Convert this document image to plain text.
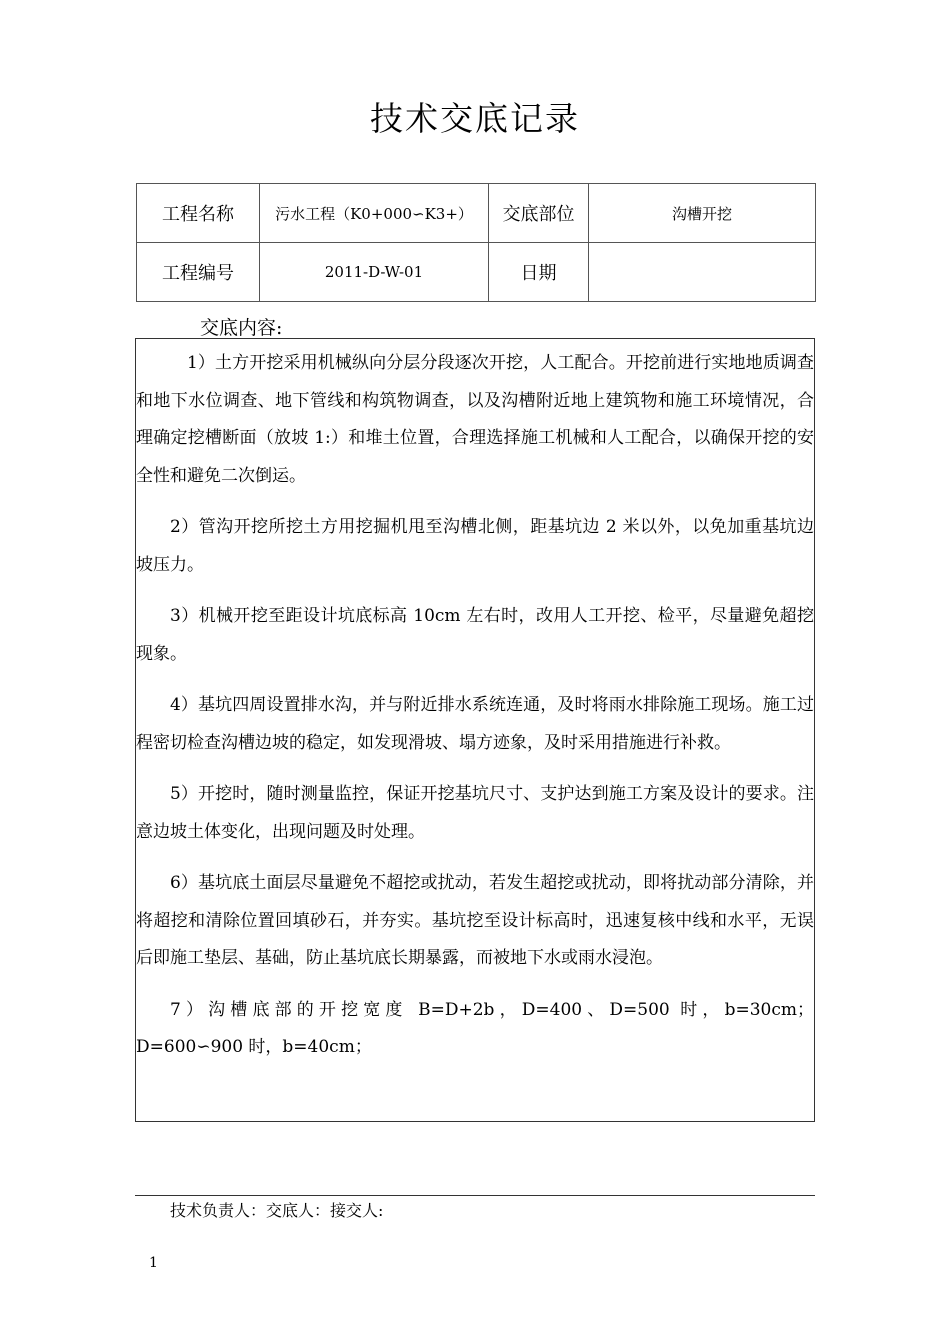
技术交底记录
工程名称	污水工程（K0+000∽K3+）	交底部位	沟槽开挖
工程编号	2011-D-W-01	日期	
交底内容:

1）土方开挖采用机械纵向分层分段逐次开挖，人工配合。开挖前进行实地地质调查和地下水位调查、地下管线和构筑物调查，以及沟槽附近地上建筑物和施工环境情况，合理确定挖槽断面（放坡 1:）和堆土位置，合理选择施工机械和人工配合，以确保开挖的安全性和避免二次倒运。

2）管沟开挖所挖土方用挖掘机甩至沟槽北侧，距基坑边 2 米以外，以免加重基坑边坡压力。

3）机械开挖至距设计坑底标高 10cm 左右时，改用人工开挖、检平，尽量避免超挖现象。

4）基坑四周设置排水沟，并与附近排水系统连通，及时将雨水排除施工现场。施工过程密切检查沟槽边坡的稳定，如发现滑坡、塌方迹象，及时采用措施进行补救。

5）开挖时，随时测量监控，保证开挖基坑尺寸、支护达到施工方案及设计的要求。注意边坡土体变化，出现问题及时处理。

6）基坑底土面层尽量避免不超挖或扰动，若发生超挖或扰动，即将扰动部分清除，并将超挖和清除位置回填砂石，并夯实。基坑挖至设计标高时，迅速复核中线和水平，无误后即施工垫层、基础，防止基坑底长期暴露，而被地下水或雨水浸泡。

7）沟槽底部的开挖宽度 B=D+2b，D=400、D=500 时，b=30cm；D=600∽900 时，b=40cm；

技术负责人：交底人：接交人:
1
